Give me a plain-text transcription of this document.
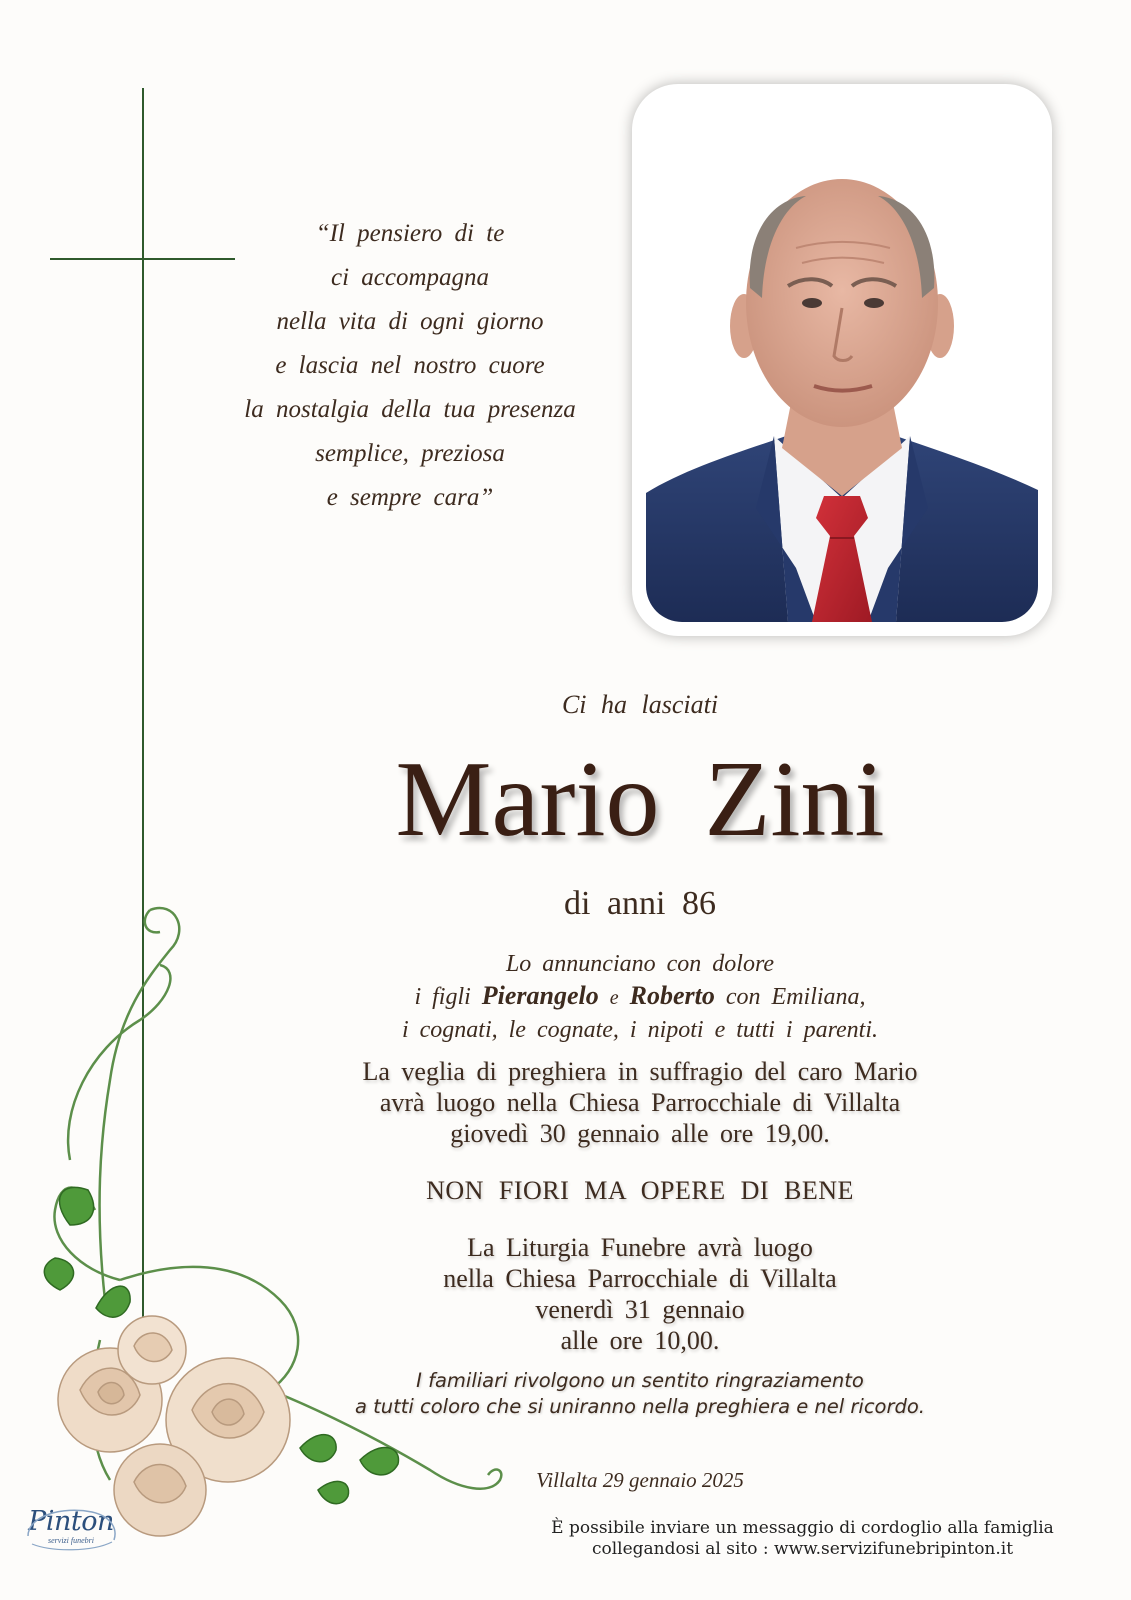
“Il pensiero di te
ci accompagna
nella vita di ogni giorno
e lascia nel nostro cuore
la nostalgia della tua presenza
semplice, preziosa
e sempre cara”
Ci ha lasciati
Mario Zini
di anni 86
Lo annunciano con dolore
i figli Pierangelo e Roberto con Emiliana,
i cognati, le cognate, i nipoti e tutti i parenti.
La veglia di preghiera in suffragio del caro Mario
avrà luogo nella Chiesa Parrocchiale di Villalta
giovedì 30 gennaio alle ore 19,00.
NON FIORI MA OPERE DI BENE
La Liturgia Funebre avrà luogo
nella Chiesa Parrocchiale di Villalta
venerdì 31 gennaio
alle ore 10,00.
I familiari rivolgono un sentito ringraziamento
a tutti coloro che si uniranno nella preghiera e nel ricordo.
Villalta 29 gennaio 2025
È possibile inviare un messaggio di cordoglio alla famiglia
collegandosi al sito : www.servizifunebripinton.it
Pinton
servizi funebri
